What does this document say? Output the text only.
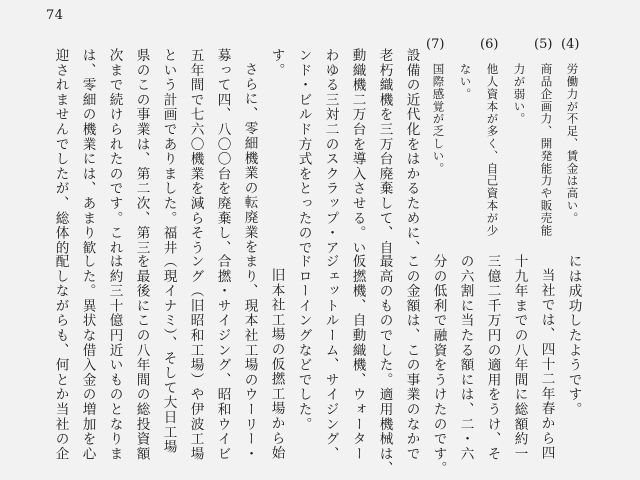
74
(4)
労働力が不足、賃金は高い。
(5)
商品企画力、開発能力や販売能
力が弱い。
(6)
他人資本が多く、自己資本が少
ない。
(7)
国際感覚が乏しい。
設備の近代化をはかるために、
老朽織機を三万台廃棄して、自
動織機二万台を導入させる。い
わゆる三対二のスクラップ・ア
ンド・ビルド方式をとったので
す。
さらに、零細機業の転廃業を
募って四、八〇〇台を廃棄し、
五年間で七六〇機業を減らそう
という計画でありました。福井
県のこの事業は、第二次、第三
次まで続けられたのです。これ
は、零細の機業には、あまり歓
迎されませんでしたが、総体的
には成功したようです。
当社では、四十二年春から四
十九年までの八年間に総額約一
三億二千万円の適用をうけ、そ
の六割に当たる額には、二・六
分の低利で融資をうけたのです。
この金額は、この事業のなかで
最高のものでした。適用機械は、
仮撚機、自動織機、ウォーター
ジェットルーム、サイジング、
ドローイングなどでした。
旧本社工場の仮撚工場から始
まり、現本社工場のウーリー・
合撚・サイジング、昭和ウイビ
ング（旧昭和工場）や伊波工場
（現イナミ）、そして大日工場
を最後にこの八年間の総投資額
は約三十億円近いものとなりま
した。異状な借入金の増加を心
配しながらも、何とか当社の企
